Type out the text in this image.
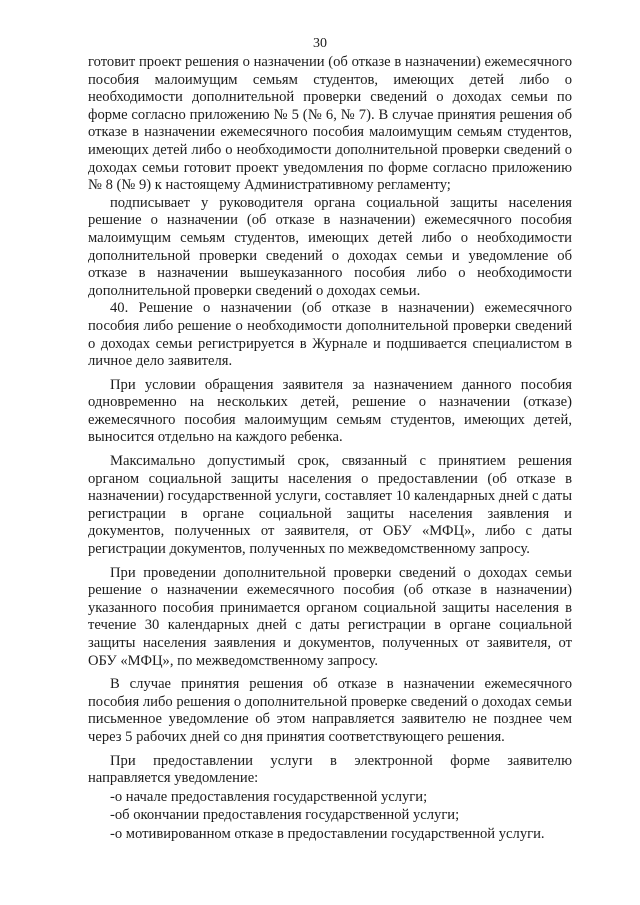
30

готовит проект решения о назначении (об отказе в назначении) ежемесячного пособия малоимущим семьям студентов, имеющих детей либо о необходимости дополнительной проверки сведений о доходах семьи по форме согласно приложению № 5 (№ 6, № 7). В случае принятия решения об отказе в назначении ежемесячного пособия малоимущим семьям студентов, имеющих детей либо о необходимости дополнительной проверки сведений о доходах семьи готовит проект уведомления по форме согласно приложению № 8 (№ 9) к настоящему Административному регламенту;

подписывает у руководителя органа социальной защиты населения решение о назначении (об отказе в назначении) ежемесячного пособия малоимущим семьям студентов, имеющих детей либо о необходимости дополнительной проверки сведений о доходах семьи и уведомление об отказе в назначении вышеуказанного пособия либо о необходимости дополнительной проверки сведений о доходах семьи.

40. Решение о назначении (об отказе в назначении) ежемесячного пособия либо решение о необходимости дополнительной проверки сведений о доходах семьи регистрируется в Журнале и подшивается специалистом в личное дело заявителя.

При условии обращения заявителя за назначением данного пособия одновременно на нескольких детей, решение о назначении (отказе) ежемесячного пособия малоимущим семьям студентов, имеющих детей, выносится отдельно на каждого ребенка.

Максимально допустимый срок, связанный с принятием решения органом социальной защиты населения о предоставлении (об отказе в назначении) государственной услуги, составляет 10 календарных дней с даты регистрации в органе социальной защиты населения заявления и документов, полученных от заявителя, от ОБУ «МФЦ», либо с даты регистрации документов, полученных по межведомственному запросу.

При проведении дополнительной проверки сведений о доходах семьи решение о назначении ежемесячного пособия (об отказе в назначении) указанного пособия принимается органом социальной защиты населения в течение 30 календарных дней с даты регистрации в органе социальной защиты населения заявления и документов, полученных от заявителя, от ОБУ «МФЦ», по межведомственному запросу.

В случае принятия решения об отказе в назначении ежемесячного пособия либо решения о дополнительной проверке сведений о доходах семьи письменное уведомление об этом направляется заявителю не позднее чем через 5 рабочих дней со дня принятия соответствующего решения.

При предоставлении услуги в электронной форме заявителю направляется уведомление:

-о начале предоставления государственной услуги;

-об окончании предоставления государственной услуги;

-о мотивированном отказе в предоставлении государственной услуги.
